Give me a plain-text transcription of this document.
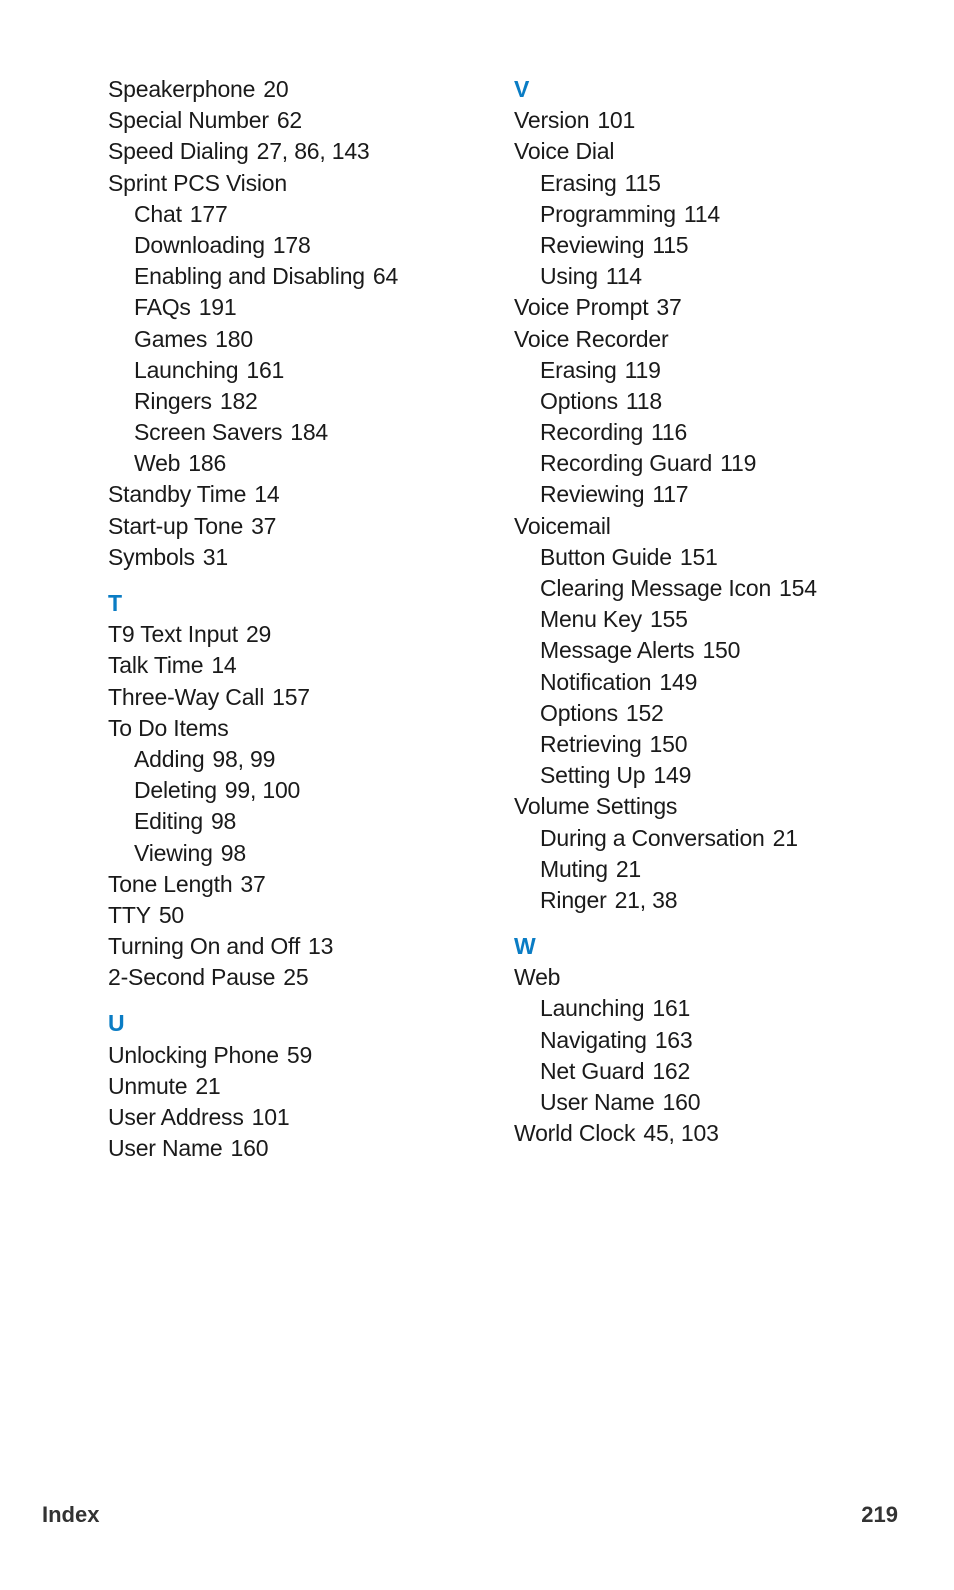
Speakerphone 20
Special Number 62
Speed Dialing 27, 86, 143
Sprint PCS Vision
Chat 177
Downloading 178
Enabling and Disabling 64
FAQs 191
Games 180
Launching 161
Ringers 182
Screen Savers 184
Web 186
Standby Time 14
Start-up Tone 37
Symbols 31
T
T9 Text Input 29
Talk Time 14
Three-Way Call 157
To Do Items
Adding 98, 99
Deleting 99, 100
Editing 98
Viewing 98
Tone Length 37
TTY 50
Turning On and Off 13
2-Second Pause 25
U
Unlocking Phone 59
Unmute 21
User Address 101
User Name 160
V
Version 101
Voice Dial
Erasing 115
Programming 114
Reviewing 115
Using 114
Voice Prompt 37
Voice Recorder
Erasing 119
Options 118
Recording 116
Recording Guard 119
Reviewing 117
Voicemail
Button Guide 151
Clearing Message Icon 154
Menu Key 155
Message Alerts 150
Notification 149
Options 152
Retrieving 150
Setting Up 149
Volume Settings
During a Conversation 21
Muting 21
Ringer 21, 38
W
Web
Launching 161
Navigating 163
Net Guard 162
User Name 160
World Clock 45, 103
Index	219
